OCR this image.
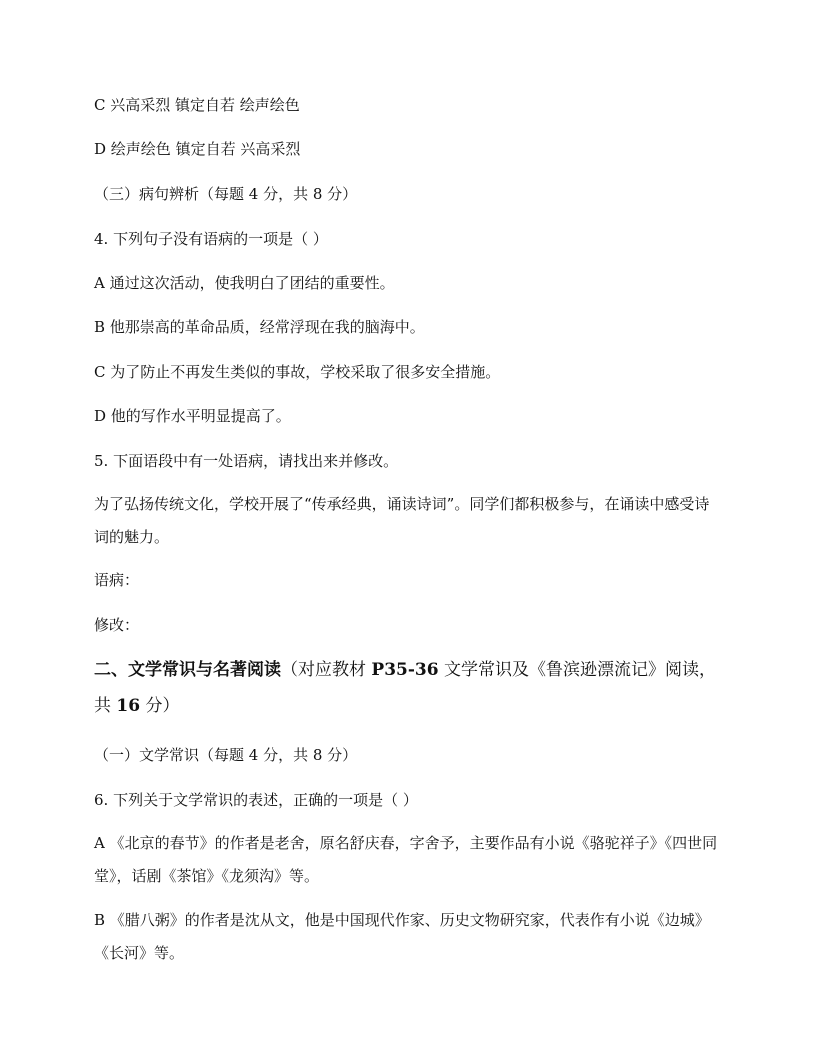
C 兴高采烈 镇定自若 绘声绘色
D 绘声绘色 镇定自若 兴高采烈
（三）病句辨析（每题 4 分，共 8 分）
4. 下列句子没有语病的一项是（ ）
A 通过这次活动，使我明白了团结的重要性。
B 他那崇高的革命品质，经常浮现在我的脑海中。
C 为了防止不再发生类似的事故，学校采取了很多安全措施。
D 他的写作水平明显提高了。
5. 下面语段中有一处语病，请找出来并修改。
为了弘扬传统文化，学校开展了“传承经典，诵读诗词”。同学们都积极参与，在诵读中感受诗词的魅力。
语病：
修改：
二、文学常识与名著阅读（对应教材 P35-36 文学常识及《鲁滨逊漂流记》阅读，共 16 分）
（一）文学常识（每题 4 分，共 8 分）
6. 下列关于文学常识的表述，正确的一项是（ ）
A 《北京的春节》的作者是老舍，原名舒庆春，字舍予，主要作品有小说《骆驼祥子》《四世同堂》，话剧《茶馆》《龙须沟》等。
B 《腊八粥》的作者是沈从文，他是中国现代作家、历史文物研究家，代表作有小说《边城》《长河》等。
